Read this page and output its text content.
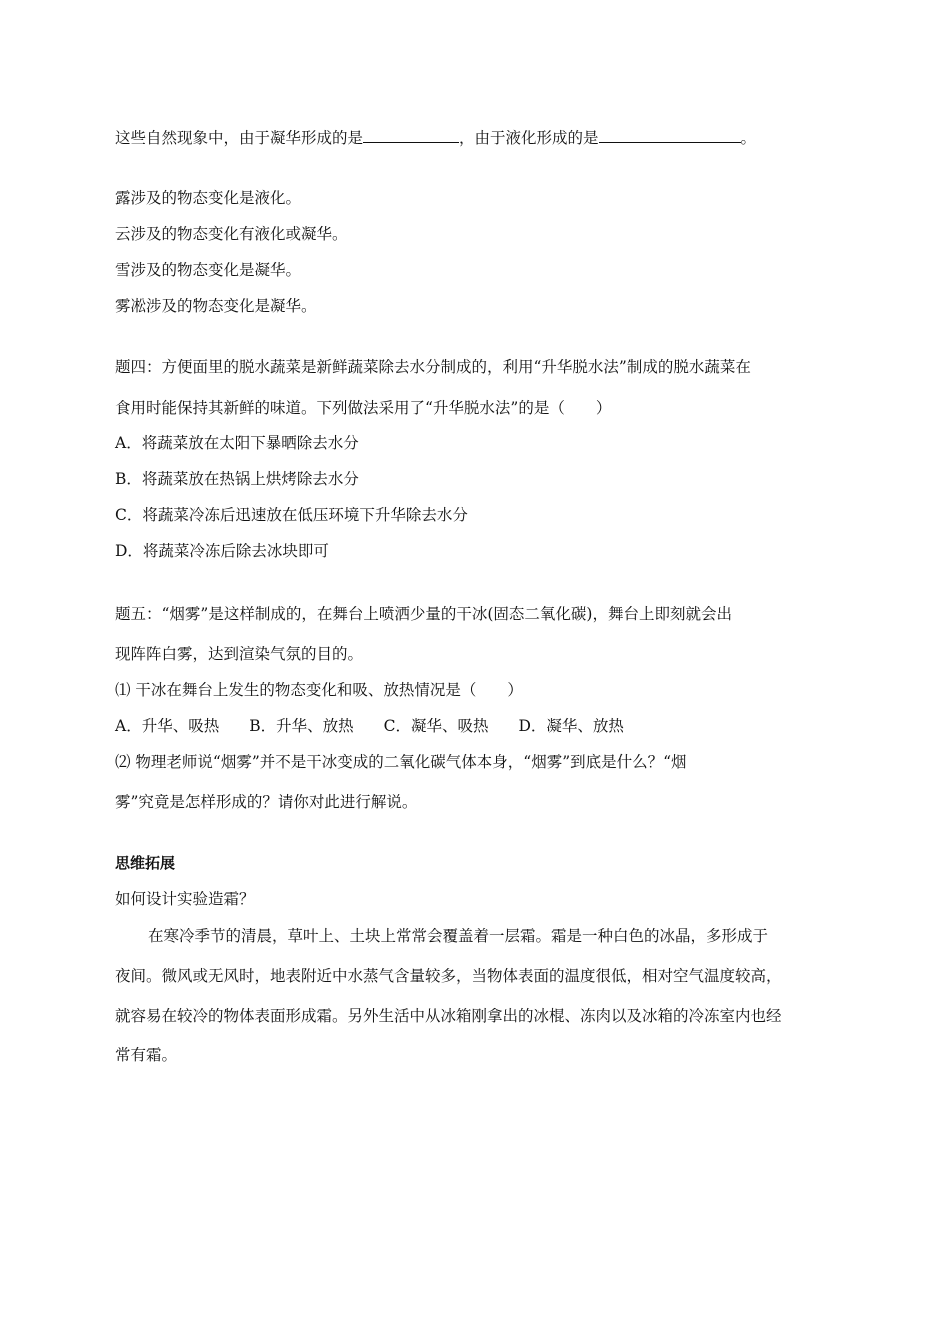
这些自然现象中，由于凝华形成的是	，由于液化形成的是	。
露涉及的物态变化是液化。
云涉及的物态变化有液化或凝华。
雪涉及的物态变化是凝华。
雾凇涉及的物态变化是凝华。
题四：方便面里的脱水蔬菜是新鲜蔬菜除去水分制成的，利用“升华脱水法”制成的脱水蔬菜在
食用时能保持其新鲜的味道。下列做法采用了“升华脱水法”的是（　　）
A．将蔬菜放在太阳下暴晒除去水分
B．将蔬菜放在热锅上烘烤除去水分
C．将蔬菜冷冻后迅速放在低压环境下升华除去水分
D．将蔬菜冷冻后除去冰块即可
题五：“烟雾”是这样制成的，在舞台上喷洒少量的干冰(固态二氧化碳)，舞台上即刻就会出
现阵阵白雾，达到渲染气氛的目的。
⑴ 干冰在舞台上发生的物态变化和吸、放热情况是（　　）
A．升华、吸热 B．升华、放热 C．凝华、吸热 D．凝华、放热
⑵ 物理老师说“烟雾”并不是干冰变成的二氧化碳气体本身，“烟雾”到底是什么？“烟
雾”究竟是怎样形成的？请你对此进行解说。
思维拓展
如何设计实验造霜？
在寒冷季节的清晨，草叶上、土块上常常会覆盖着一层霜。霜是一种白色的冰晶，多形成于
夜间。微风或无风时，地表附近中水蒸气含量较多，当物体表面的温度很低，相对空气温度较高，
就容易在较冷的物体表面形成霜。另外生活中从冰箱刚拿出的冰棍、冻肉以及冰箱的冷冻室内也经
常有霜。
